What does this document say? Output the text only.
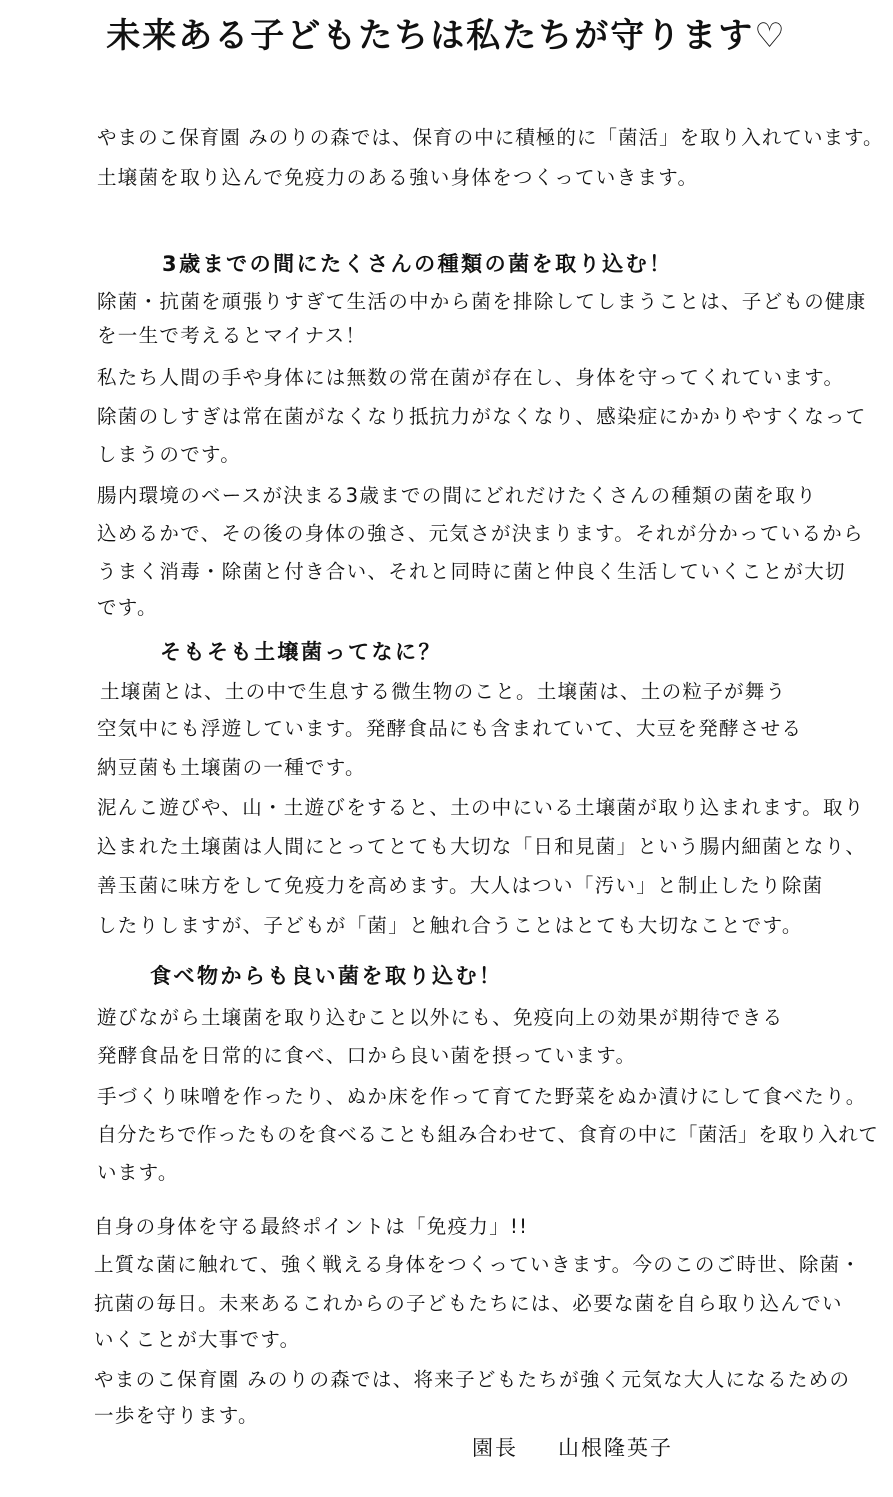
未来ある子どもたちは私たちが守ります♡
やまのこ保育園 みのりの森では、保育の中に積極的に「菌活」を取り入れています。
土壌菌を取り込んで免疫力のある強い身体をつくっていきます。
3歳までの間にたくさんの種類の菌を取り込む！
除菌・抗菌を頑張りすぎて生活の中から菌を排除してしまうことは、子どもの健康
を一生で考えるとマイナス！
私たち人間の手や身体には無数の常在菌が存在し、身体を守ってくれています。
除菌のしすぎは常在菌がなくなり抵抗力がなくなり、感染症にかかりやすくなって
しまうのです。
腸内環境のベースが決まる3歳までの間にどれだけたくさんの種類の菌を取り
込めるかで、その後の身体の強さ、元気さが決まります。それが分かっているから
うまく消毒・除菌と付き合い、それと同時に菌と仲良く生活していくことが大切
です。
そもそも土壌菌ってなに？
土壌菌とは、土の中で生息する微生物のこと。土壌菌は、土の粒子が舞う
空気中にも浮遊しています。発酵食品にも含まれていて、大豆を発酵させる
納豆菌も土壌菌の一種です。
泥んこ遊びや、山・土遊びをすると、土の中にいる土壌菌が取り込まれます。取り
込まれた土壌菌は人間にとってとても大切な「日和見菌」という腸内細菌となり、
善玉菌に味方をして免疫力を高めます。大人はつい「汚い」と制止したり除菌
したりしますが、子どもが「菌」と触れ合うことはとても大切なことです。
食べ物からも良い菌を取り込む！
遊びながら土壌菌を取り込むこと以外にも、免疫向上の効果が期待できる
発酵食品を日常的に食べ、口から良い菌を摂っています。
手づくり味噌を作ったり、ぬか床を作って育てた野菜をぬか漬けにして食べたり。
自分たちで作ったものを食べることも組み合わせて、食育の中に「菌活」を取り入れて
います。
自身の身体を守る最終ポイントは「免疫力」!!
上質な菌に触れて、強く戦える身体をつくっていきます。今のこのご時世、除菌・
抗菌の毎日。未来あるこれからの子どもたちには、必要な菌を自ら取り込んでい
いくことが大事です。
やまのこ保育園 みのりの森では、将来子どもたちが強く元気な大人になるための
一歩を守ります。
園長 山根隆英子
